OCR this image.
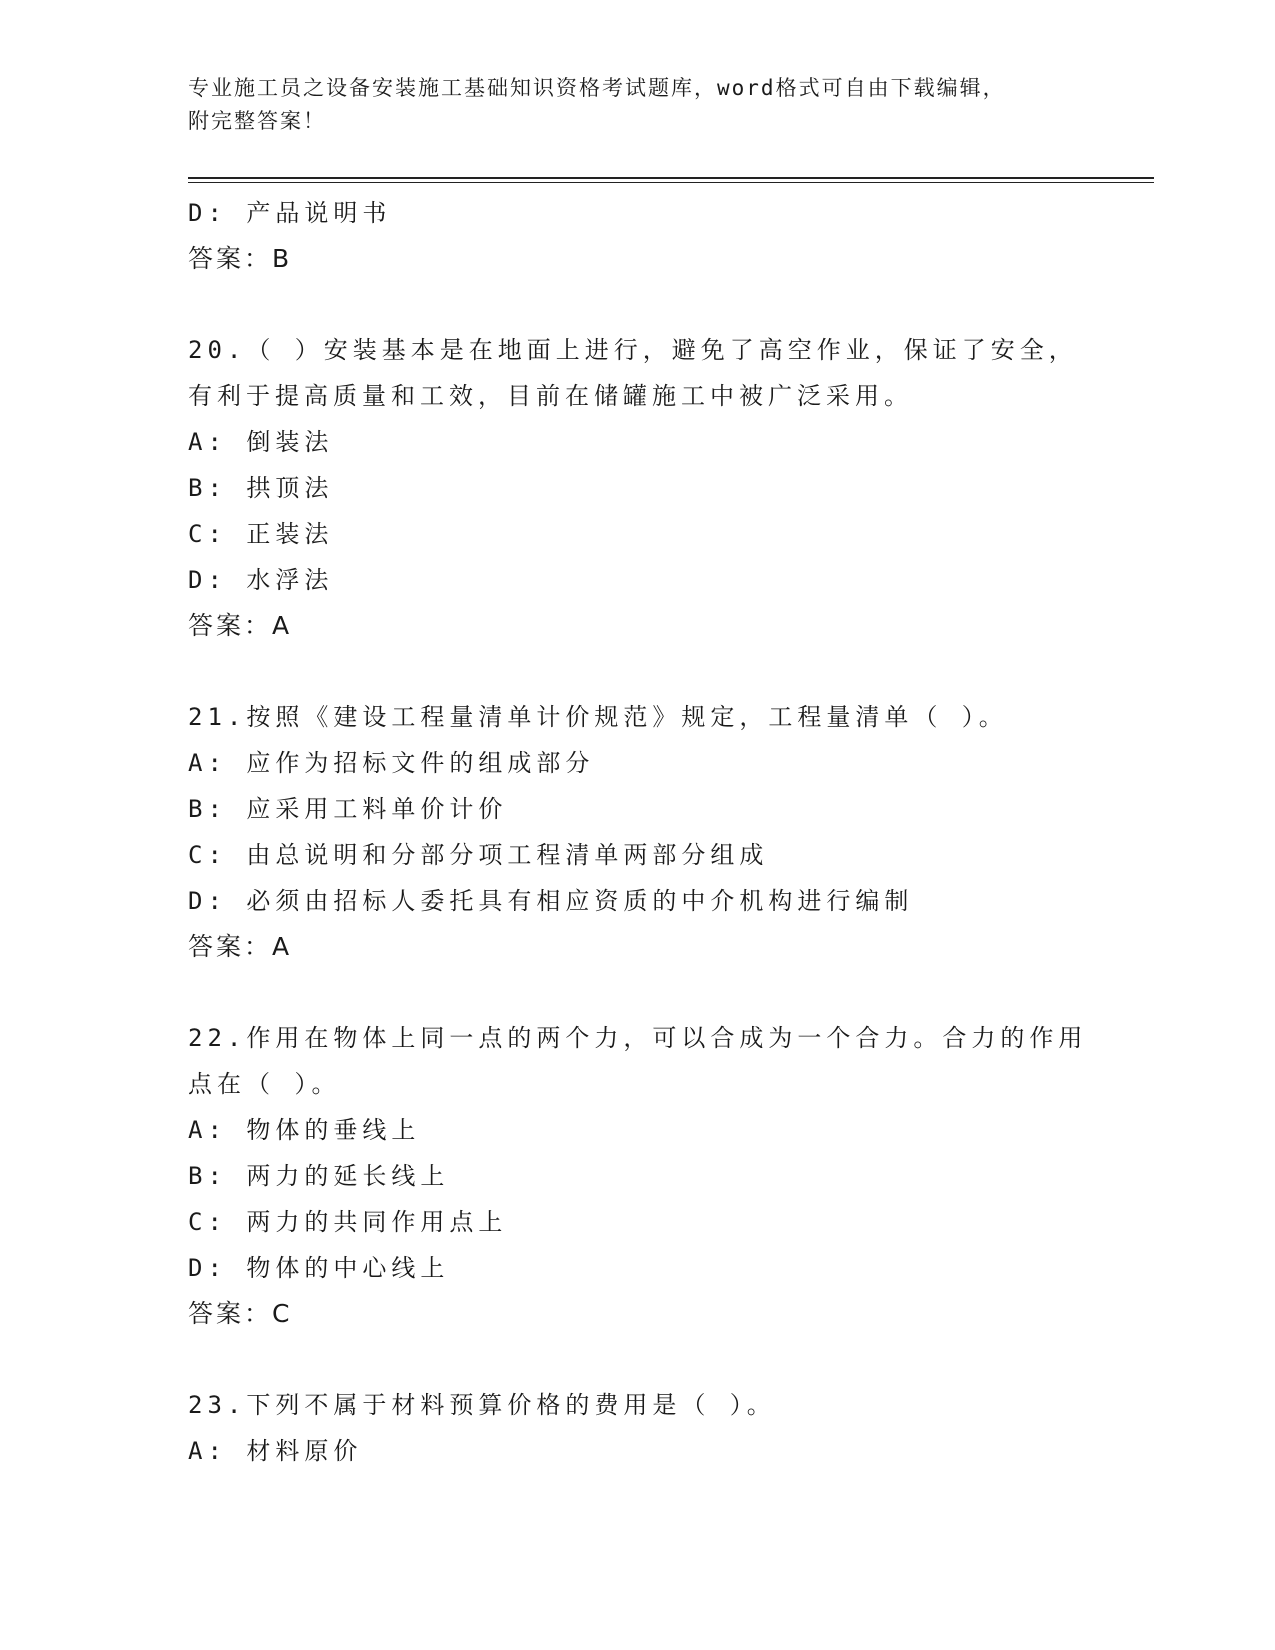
专业施工员之设备安装施工基础知识资格考试题库，word格式可自由下载编辑，
附完整答案！
D: 产品说明书
答案：B
20.（ ）安装基本是在地面上进行，避免了高空作业，保证了安全，
有利于提高质量和工效，目前在储罐施工中被广泛采用。
A: 倒装法
B: 拱顶法
C: 正装法
D: 水浮法
答案：A
21.按照《建设工程量清单计价规范》规定，工程量清单（ ）。
A: 应作为招标文件的组成部分
B: 应采用工料单价计价
C: 由总说明和分部分项工程清单两部分组成
D: 必须由招标人委托具有相应资质的中介机构进行编制
答案：A
22.作用在物体上同一点的两个力，可以合成为一个合力。合力的作用
点在（ ）。
A: 物体的垂线上
B: 两力的延长线上
C: 两力的共同作用点上
D: 物体的中心线上
答案：C
23.下列不属于材料预算价格的费用是（ ）。
A: 材料原价
